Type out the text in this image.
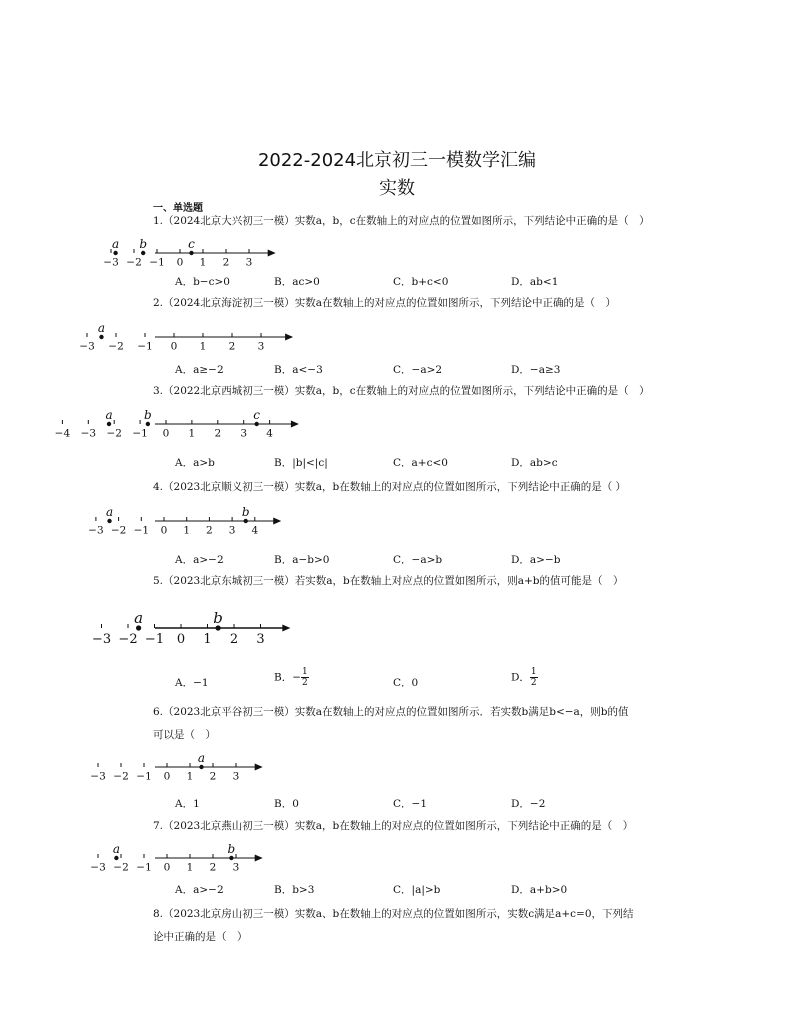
2022-2024北京初三一模数学汇编
实数
一、单选题
1.（2024北京大兴初三一模）实数a，b，c在数轴上的对应点的位置如图所示，下列结论中正确的是（　）
−3 −2 −1 0 1 2 3
a b	c
A．b−c>0	B．ac>0	C．b+c<0	D．ab<1
2.（2024北京海淀初三一模）实数a在数轴上的对应点的位置如图所示，下列结论中正确的是（　）
−3 −2 −1 0 1 2 3
a
A．a≥−2	B．a<−3	C．−a>2	D．−a≥3
3.（2022北京西城初三一模）实数a，b，c在数轴上的对应点的位置如图所示，下列结论中正确的是（　）
−4 −3 −2 −1 0 1 2 3 4
a	b	c
A．a>b	B．|b|<|c|	C．a+c<0	D．ab>c
4.（2023北京顺义初三一模）实数a，b在数轴上的对应点的位置如图所示，下列结论中正确的是（ ）
−3 −2 −1 0 1 2 3 4
a	b
A．a>−2	B．a−b>0	C．−a>b	D．a>−b
5.（2023北京东城初三一模）若实数a，b在数轴上对应点的位置如图所示，则a+b的值可能是（　）
−3 −2 −1 0 1 2 3
a	b
A．−1	B．− $\frac{1}{2}$	C．0	D． $\frac{1}{2}$
6.（2023北京平谷初三一模）实数a在数轴上的对应点的位置如图所示．若实数b满足b<−a，则b的值
可以是（　）
−3 −2 −1 0 1 2 3
a
A．1	B．0	C．−1	D．−2
7.（2023北京燕山初三一模）实数a，b在数轴上的对应点的位置如图所示，下列结论中正确的是（　）
−3 −2 −1 0 1 2 3
a	b
A．a>−2	B．b>3	C．|a|>b	D．a+b>0
8.（2023北京房山初三一模）实数a、b在数轴上的对应点的位置如图所示，实数c满足a+c=0，下列结
论中正确的是（　）
